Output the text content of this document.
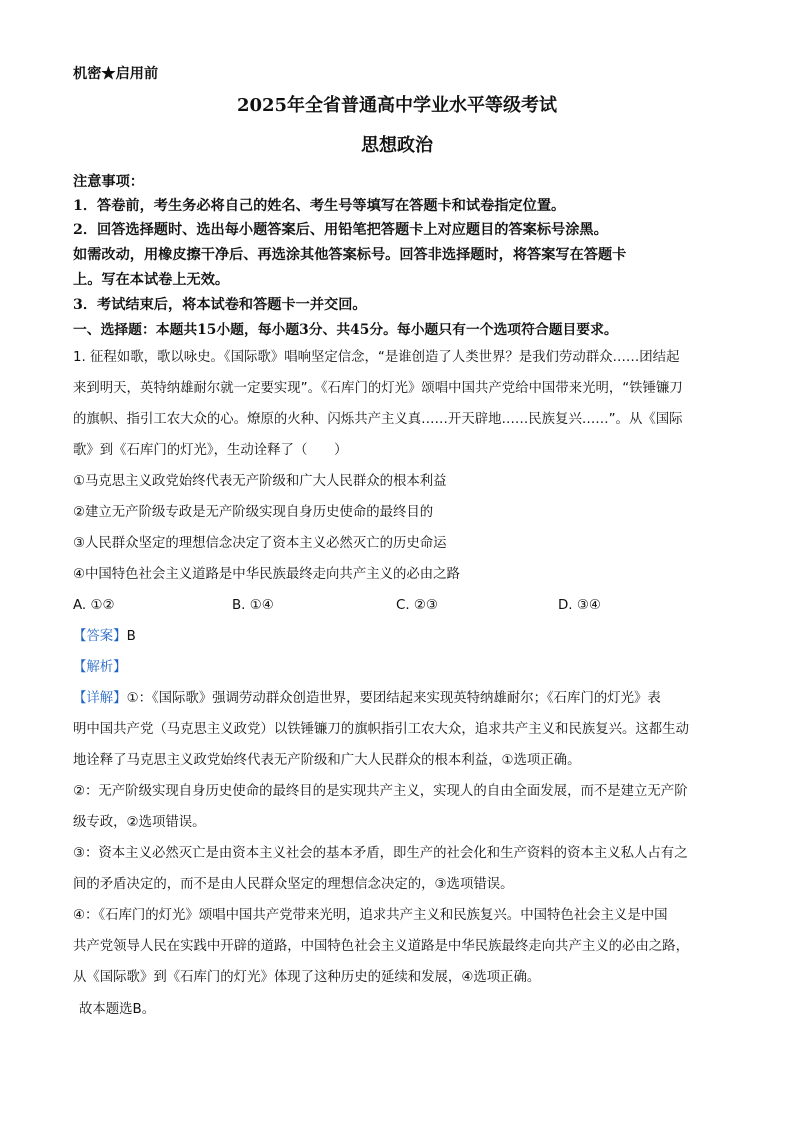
机密★启用前
2025年全省普通高中学业水平等级考试
思想政治
注意事项：
1．答卷前，考生务必将自己的姓名、考生号等填写在答题卡和试卷指定位置。
2．回答选择题时、选出每小题答案后、用铅笔把答题卡上对应题目的答案标号涂黑。
如需改动，用橡皮擦干净后、再选涂其他答案标号。回答非选择题时，将答案写在答题卡
上。写在本试卷上无效。
3．考试结束后，将本试卷和答题卡一并交回。
一、选择题：本题共15小题，每小题3分、共45分。每小题只有一个选项符合题目要求。
1. 征程如歌，歌以咏史。《国际歌》唱响坚定信念，“是谁创造了人类世界？是我们劳动群众……团结起
来到明天，英特纳雄耐尔就一定要实现”。《石库门的灯光》颂唱中国共产党给中国带来光明，“铁锤镰刀
的旗帜、指引工农大众的心。燎原的火种、闪烁共产主义真……开天辟地……民族复兴……”。从《国际
歌》到《石库门的灯光》，生动诠释了（　　）
①马克思主义政党始终代表无产阶级和广大人民群众的根本利益
②建立无产阶级专政是无产阶级实现自身历史使命的最终目的
③人民群众坚定的理想信念决定了资本主义必然灭亡的历史命运
④中国特色社会主义道路是中华民族最终走向共产主义的必由之路
A. ①②	B. ①④	C. ②③	D. ③④
【答案】B
【解析】
【详解】①：《国际歌》强调劳动群众创造世界，要团结起来实现英特纳雄耐尔；《石库门的灯光》表
明中国共产党（马克思主义政党）以铁锤镰刀的旗帜指引工农大众，追求共产主义和民族复兴。这都生动
地诠释了马克思主义政党始终代表无产阶级和广大人民群众的根本利益，①选项正确。
②：无产阶级实现自身历史使命的最终目的是实现共产主义，实现人的自由全面发展，而不是建立无产阶
级专政，②选项错误。
③：资本主义必然灭亡是由资本主义社会的基本矛盾，即生产的社会化和生产资料的资本主义私人占有之
间的矛盾决定的，而不是由人民群众坚定的理想信念决定的，③选项错误。
④：《石库门的灯光》颂唱中国共产党带来光明，追求共产主义和民族复兴。中国特色社会主义是中国
共产党领导人民在实践中开辟的道路，中国特色社会主义道路是中华民族最终走向共产主义的必由之路，
从《国际歌》到《石库门的灯光》体现了这种历史的延续和发展，④选项正确。
故本题选B。
